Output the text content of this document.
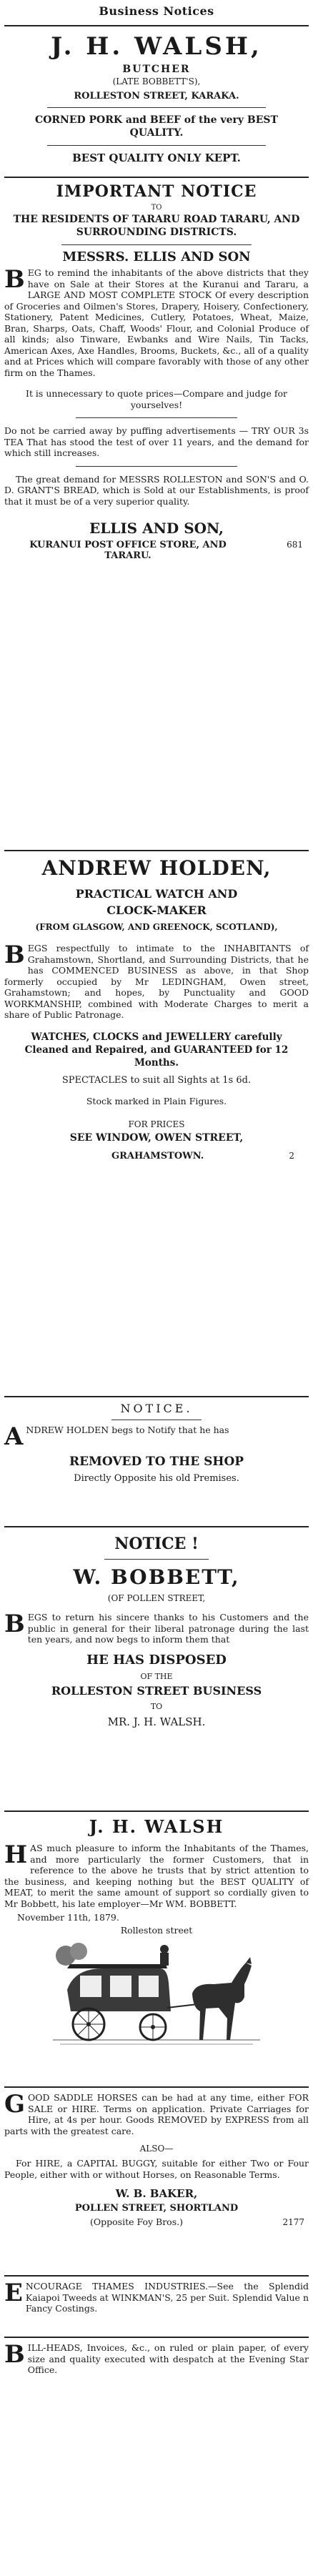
Business Notices
J. H. WALSH,
BUTCHER
(LATE BOBBETT'S),
ROLLESTON STREET, KARAKA.
CORNED PORK and BEEF of the very BEST QUALITY.
BEST QUALITY ONLY KEPT.
IMPORTANT NOTICE
TO
THE RESIDENTS OF TARARU ROAD TARARU, AND SURROUNDING DISTRICTS.
MESSRS. ELLIS AND SON
BEG to remind the inhabitants of the above districts that they have on Sale at their Stores at the Kuranui and Tararu, a LARGE AND MOST COMPLETE STOCK Of every description of Groceries and Oilmen's Stores, Drapery, Hoisery, Confectionery, Stationery, Patent Medicines, Cutlery, Potatoes, Wheat, Maize, Bran, Sharps, Oats, Chaff, Woods' Flour, and Colonial Produce of all kinds; also Tinware, Ewbanks and Wire Nails, Tin Tacks, American Axes, Axe Handles, Brooms, Buckets, &c., all of a quality and at Prices which will compare favorably with those of any other firm on the Thames.
It is unnecessary to quote prices—Compare and judge for yourselves!
Do not be carried away by puffing advertisements — TRY OUR 3s TEA That has stood the test of over 11 years, and the demand for which still increases.
The great demand for MESSRS ROLLESTON and SON'S and O. D. GRANT'S BREAD, which is Sold at our Establishments, is proof that it must be of a very superior quality.
ELLIS AND SON,
KURANUI POST OFFICE STORE, AND TARARU.
681
ANDREW HOLDEN,
PRACTICAL WATCH AND
CLOCK-MAKER
(FROM GLASGOW, AND GREENOCK, SCOTLAND),
BEGS respectfully to intimate to the INHABITANTS of Grahamstown, Shortland, and Surrounding Districts, that he has COMMENCED BUSINESS as above, in that Shop formerly occupied by Mr LEDINGHAM, Owen street, Grahamstown; and hopes, by Punctuality and GOOD WORKMANSHIP, combined with Moderate Charges to merit a share of Public Patronage.
WATCHES, CLOCKS and JEWELLERY carefully Cleaned and Repaired, and GUARANTEED for 12 Months.
SPECTACLES to suit all Sights at 1s 6d.
Stock marked in Plain Figures.
FOR PRICES
SEE WINDOW, OWEN STREET,
GRAHAMSTOWN.	2
NOTICE.
ANDREW HOLDEN begs to Notify that he has
REMOVED TO THE SHOP
Directly Opposite his old Premises.
NOTICE !
W. BOBBETT,
(OF POLLEN STREET,
BEGS to return his sincere thanks to his Customers and the public in general for their liberal patronage during the last ten years, and now begs to inform them that
HE HAS DISPOSED
OF THE
ROLLESTON STREET BUSINESS
TO
MR. J. H. WALSH.
J. H. WALSH
HAS much pleasure to inform the Inhabitants of the Thames, and more particularly the former Customers, that in reference to the above he trusts that by strict attention to the business, and keeping nothing but the BEST QUALITY of MEAT, to merit the same amount of support so cordially given to Mr Bobbett, his late employer—Mr WM. BOBBETT.
November 11th, 1879.
Rolleston street
GOOD SADDLE HORSES can be had at any time, either FOR SALE or HIRE. Terms on application. Private Carriages for Hire, at 4s per hour. Goods REMOVED by EXPRESS from all parts with the greatest care.
ALSO—
For HIRE, a CAPITAL BUGGY, suitable for either Two or Four People, either with or without Horses, on Reasonable Terms.
W. B. BAKER,
POLLEN STREET, SHORTLAND
(Opposite Foy Bros.)	2177
ENCOURAGE THAMES INDUSTRIES.—See the Splendid Kaiapoi Tweeds at WINKMAN'S, 25 per Suit. Splendid Value n Fancy Costings.
BILL-HEADS, Invoices, &c., on ruled or plain paper, of every size and quality executed with despatch at the Evening Star Office.
